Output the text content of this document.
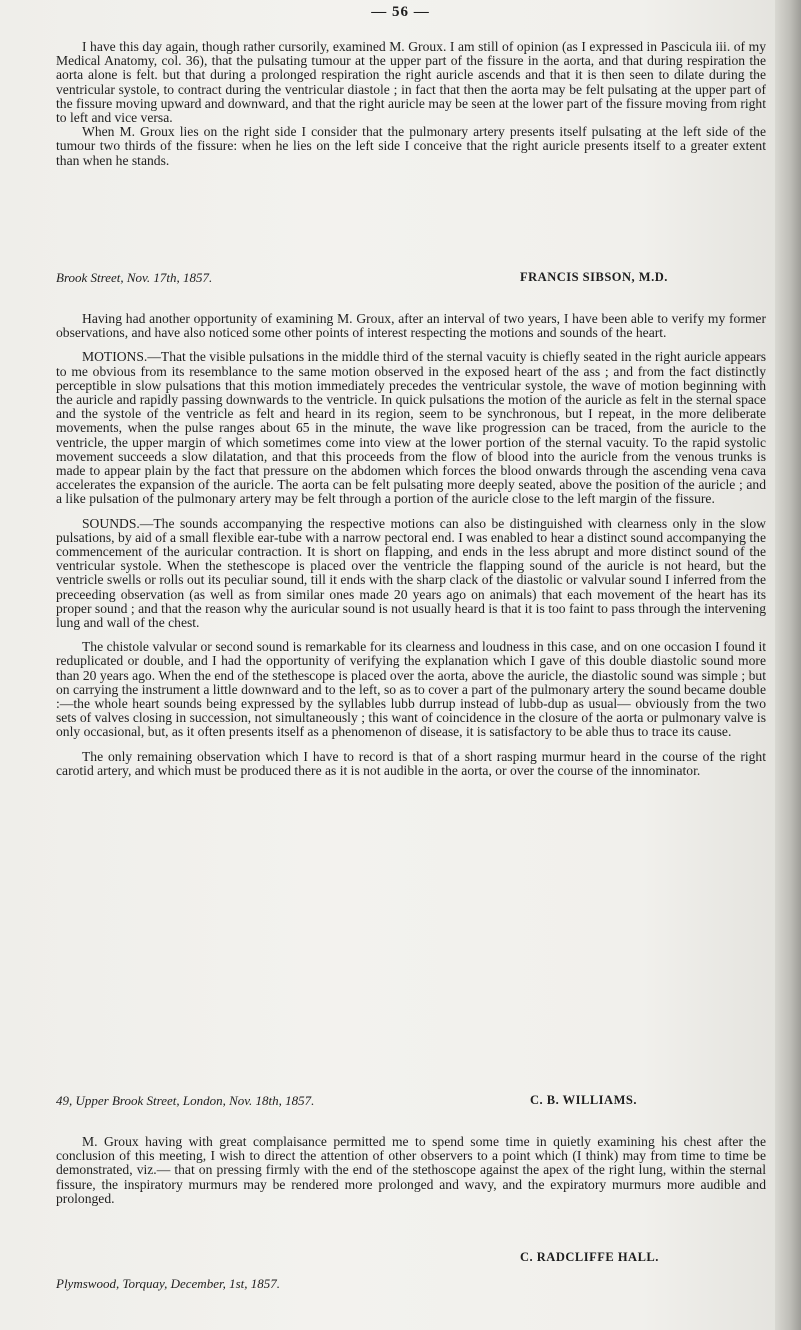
— 56 —

I have this day again, though rather cursorily, examined M. Groux. I am still of opinion (as I expressed in Pascicula iii. of my Medical Anatomy, col. 36), that the pulsating tumour at the upper part of the fissure in the aorta, and that during respiration the aorta alone is felt. but that during a prolonged respiration the right auricle ascends and that it is then seen to dilate during the ventricular systole, to contract during the ventricular diastole ; in fact that then the aorta may be felt pulsating at the upper part of the fissure moving upward and downward, and that the right auricle may be seen at the lower part of the fissure moving from right to left and vice versa.

When M. Groux lies on the right side I consider that the pulmonary artery presents itself pulsating at the left side of the tumour two thirds of the fissure: when he lies on the left side I conceive that the right auricle presents itself to a greater extent than when he stands.

Brook Street, Nov. 17th, 1857.	FRANCIS SIBSON, M.D.

Having had another opportunity of examining M. Groux, after an interval of two years, I have been able to verify my former observations, and have also noticed some other points of interest respecting the motions and sounds of the heart.

MOTIONS.—That the visible pulsations in the middle third of the sternal vacuity is chiefly seated in the right auricle appears to me obvious from its resemblance to the same motion observed in the exposed heart of the ass ; and from the fact distinctly perceptible in slow pulsations that this motion immediately precedes the ventricular systole, the wave of motion beginning with the auricle and rapidly passing downwards to the ventricle. In quick pulsations the motion of the auricle as felt in the sternal space and the systole of the ventricle as felt and heard in its region, seem to be synchronous, but I repeat, in the more deliberate movements, when the pulse ranges about 65 in the minute, the wave like progression can be traced, from the auricle to the ventricle, the upper margin of which sometimes come into view at the lower portion of the sternal vacuity. To the rapid systolic movement succeeds a slow dilatation, and that this proceeds from the flow of blood into the auricle from the venous trunks is made to appear plain by the fact that pressure on the abdomen which forces the blood onwards through the ascending vena cava accelerates the expansion of the auricle. The aorta can be felt pulsating more deeply seated, above the position of the auricle ; and a like pulsation of the pulmonary artery may be felt through a portion of the auricle close to the left margin of the fissure.

SOUNDS.—The sounds accompanying the respective motions can also be distinguished with clearness only in the slow pulsations, by aid of a small flexible ear-tube with a narrow pectoral end. I was enabled to hear a distinct sound accompanying the commencement of the auricular contraction. It is short on flapping, and ends in the less abrupt and more distinct sound of the ventricular systole. When the stethescope is placed over the ventricle the flapping sound of the auricle is not heard, but the ventricle swells or rolls out its peculiar sound, till it ends with the sharp clack of the diastolic or valvular sound I inferred from the preceeding observation (as well as from similar ones made 20 years ago on animals) that each movement of the heart has its proper sound ; and that the reason why the auricular sound is not usually heard is that it is too faint to pass through the intervening lung and wall of the chest.

The chistole valvular or second sound is remarkable for its clearness and loudness in this case, and on one occasion I found it reduplicated or double, and I had the opportunity of verifying the explanation which I gave of this double diastolic sound more than 20 years ago. When the end of the stethescope is placed over the aorta, above the auricle, the diastolic sound was simple ; but on carrying the instrument a little downward and to the left, so as to cover a part of the pulmonary artery the sound became double :—the whole heart sounds being expressed by the syllables lubb durrup instead of lubb-dup as usual— obviously from the two sets of valves closing in succession, not simultaneously ; this want of coincidence in the closure of the aorta or pulmonary valve is only occasional, but, as it often presents itself as a phenomenon of disease, it is satisfactory to be able thus to trace its cause.

The only remaining observation which I have to record is that of a short rasping murmur heard in the course of the right carotid artery, and which must be produced there as it is not audible in the aorta, or over the course of the innominator.

49, Upper Brook Street, London, Nov. 18th, 1857.	C. B. WILLIAMS.

M. Groux having with great complaisance permitted me to spend some time in quietly examining his chest after the conclusion of this meeting, I wish to direct the attention of other observers to a point which (I think) may from time to time be demonstrated, viz.— that on pressing firmly with the end of the stethoscope against the apex of the right lung, within the sternal fissure, the inspiratory murmurs may be rendered more prolonged and wavy, and the expiratory murmurs more audible and prolonged.

C. RADCLIFFE HALL.
Plymswood, Torquay, December, 1st, 1857.
